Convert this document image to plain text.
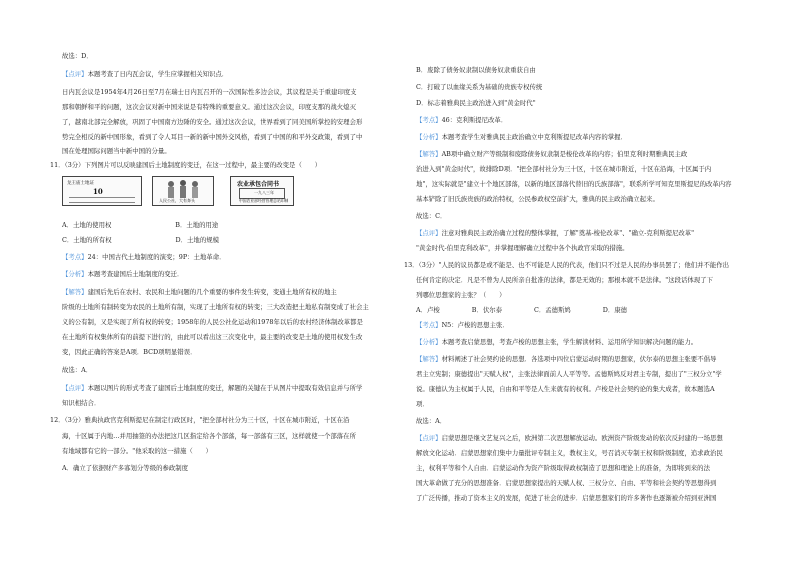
故选：D．
【点评】本题考查了日内瓦会议，学生应掌握相关知识点．
日内瓦会议是1954年4月26日至7月在瑞士日内瓦召开的一次国际性多边会议，其议程是关于重建印度支
那和朝鲜和平的问题，这次会议对新中国来说是有特殊的重要意义。通过这次会议，印度支那的战火熄灭
了，越南北部完全解放，巩固了中国南方边陲的安全。通过这次会议，世界看到了同美国所掌控的安理会形
势完全相反的新中国形象，看到了令人耳目一新的新中国外交风格，看到了中国的和平外交政策，看到了中
国在处理国际问题当中新中国的分量。
11．（3分）下列图片可以反映建国后土地制度的变迁，在这一过程中，最主要的改变是（　　）
龙王庙土地证
10
人民公社，大有奔头
农业承包合同书
一九八三年
中国农业部经营管理总站印制
A．土地的使用权　　　　　　　　　　B．土地的用途
C．土地的所有权　　　　　　　　　　D．土地的规模
【考点】24：中国古代土地制度的演变；9P：土地革命．
【分析】本题考查建国后土地制度的变迁．
【解答】建国后先后在农村、农民和土地问题的几个重要的事件发生转变，变通土地所有权的地主
阶级的土地所有制转变为农民的土地所有制，实现了土地所有权的转变；三大改造把土地私有制变成了社会主
义的公有制，又是实现了所有权的转变；1958年的人民公社化运动和1978年以后的农村经济体制改革都是
在土地所有权集体所有的前提下进行的，由此可以看出这三次变化中，最主要的改变是土地的使用权发生改
变，因此正确的答案是A项．BCD项明显错误．
故选：A．
【点评】本题以图片的形式考查了建国后土地制度的变迁，解题的关键在于从图片中提取有效信息并与所学
知识相结合．
12．（3分）雅典执政官克利斯提尼在制定行政区时，"把全部村社分为三十区，十区在城市附近，十区在沿
海，十区属于内地…并用抽签的办法把这几区指定给各个部落，每一部落有三区，这样就使一个部落在所
有地域都有它的一部分。"他采取的这一措施（　　）
A．确立了依据财产多寡划分等级的参政制度
B．废除了债务奴隶制以债务奴隶重获自由
C．打破了以血缘关系为基础的贵族专权传统
D．标志着雅典民主政治进入到"黄金时代"
【考点】46：克利斯提尼改革．
【分析】本题考查学生对雅典民主政治确立中克利斯提尼改革内容的掌握．
【解答】AB项中确立财产等级制和废除债务奴隶制是梭伦改革的内容；伯里克利时期雅典民主政
治进入到"黄金时代"，故排除D项．"把全部村社分为三十区，十区在城市附近，十区在沿海，十区属于内
地"，这实际就是"建立十个地区部落，以新的地区部落代替旧的氏族部落"，联系所学可知克里斯提尼的改革内容
基本铲除了旧氏族贵族的政治特权，公民参政权空前扩大，雅典的民主政治确立起来。
故选：C．
【点评】注意对雅典民主政治确立过程的整体掌握，了解"奠基-梭伦改革"、"确立-克利斯提尼改革"
"黄金时代-伯里克利改革"，并掌握理解确立过程中各个执政官采取的措施。
13．（3分）"人民的议员都是或不能是、也不可能是人民的代表，他们只不过是人民的办事员罢了；他们并不能作出
任何肯定的决定．凡是不曾为人民所亲自批准的法律，都是无效的；那根本就不是法律。"这段话体现了下
列哪位思想家的主张？（　　）
A．卢梭　　　　　B．伏尔泰　　　　　C．孟德斯鸠　　　　　D．康德
【考点】N5：卢梭的思想主张．
【分析】本题考查启蒙思想，考查卢梭的思想主张，学生解读材料、运用所学知识解决问题的能力。
【解答】材料阐述了社会契约论的思想．各选项中四位启蒙运动时期的思想家，伏尔泰的思想主张要不倡导
君主立宪制；康德提出"天赋人权"，主张法律面前人人平等等。孟德斯鸠反对君主专制，提出了"三权分立"学
说。康德认为主权属于人民，自由和平等是人生来就有的权利。卢梭是社会契约论的集大成者，故本题选A
项．
故选：A．
【点评】启蒙思想是继文艺复兴之后，欧洲第二次思想解放运动。欧洲资产阶级发动的依次反封建的一场思想
解放文化运动．启蒙思想家们集中力量批评专制主义，教权主义，号召消灭专制王权和阶级制度，追求政治民
主，权利平等和个人自由．启蒙运动作为资产阶级取得政权制造了思想和理论上的准备，为即将到来的法
国大革命做了充分的思想准备．启蒙思想家提出的天赋人权、三权分立、自由、平等和社会契约等思想得到
了广泛传播，推动了资本主义的发展，促进了社会的进步．启蒙思想家们的许多著作也逐渐被介绍到亚洲国
